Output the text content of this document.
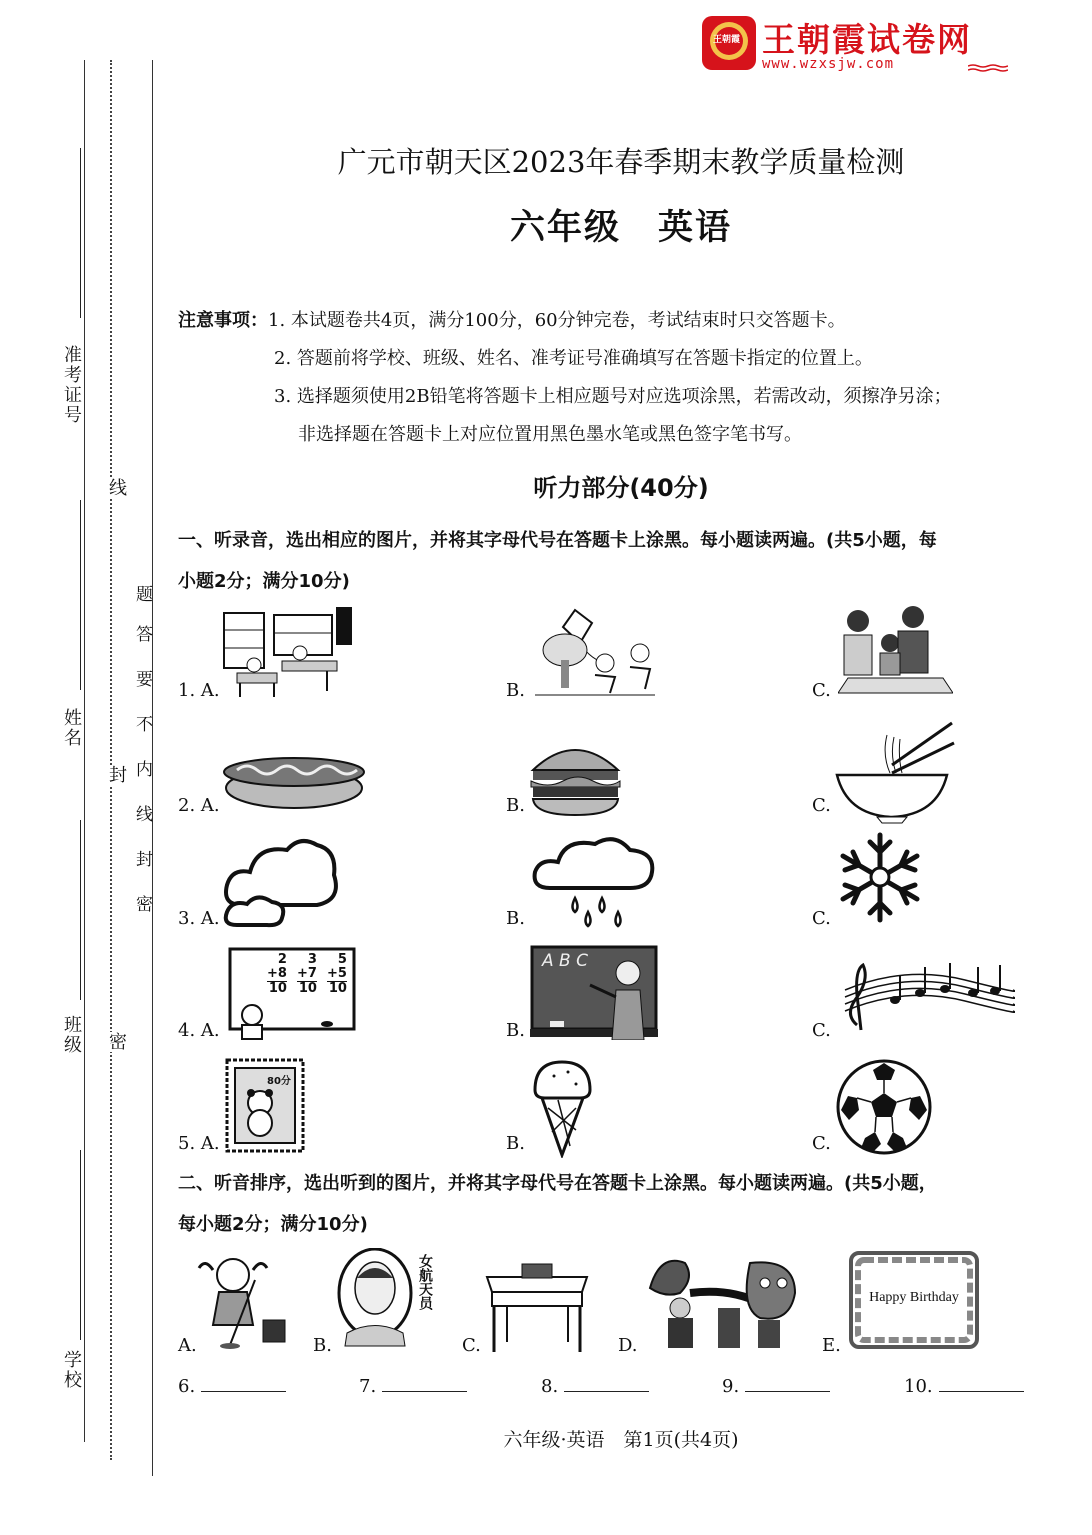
王朝霞 王朝霞试卷网
www.wzxsjw.com
准考证号
姓名
班级
学校
线
封
密
题
答
要
不
内
线
封
密
广元市朝天区2023年春季期末教学质量检测
六年级　英语
注意事项：1. 本试题卷共4页，满分100分，60分钟完卷，考试结束时只交答题卡。
2. 答题前将学校、班级、姓名、准考证号准确填写在答题卡指定的位置上。
3. 选择题须使用2B铅笔将答题卡上相应题号对应选项涂黑，若需改动，须擦净另涂；
非选择题在答题卡上对应位置用黑色墨水笔或黑色签字笔书写。
听力部分(40分)
一、听录音，选出相应的图片，并将其字母代号在答题卡上涂黑。每小题读两遍。(共5小题，每
小题2分；满分10分)
1. A.	B.	C.
2. A.	B.	C.
3. A.	B.	C.
4. A.
2
+8
10
3
+7
10
5
+5
10
B.
A B C
C.
5. A.
80分
B.	C.
二、听音排序，选出听到的图片，并将其字母代号在答题卡上涂黑。每小题读两遍。(共5小题，
每小题2分；满分10分)
A.	B.
女航天员
C.	D.	E.
Happy Birthday
6.	7.	8.	9.	10.
六年级·英语　第1页(共4页)
